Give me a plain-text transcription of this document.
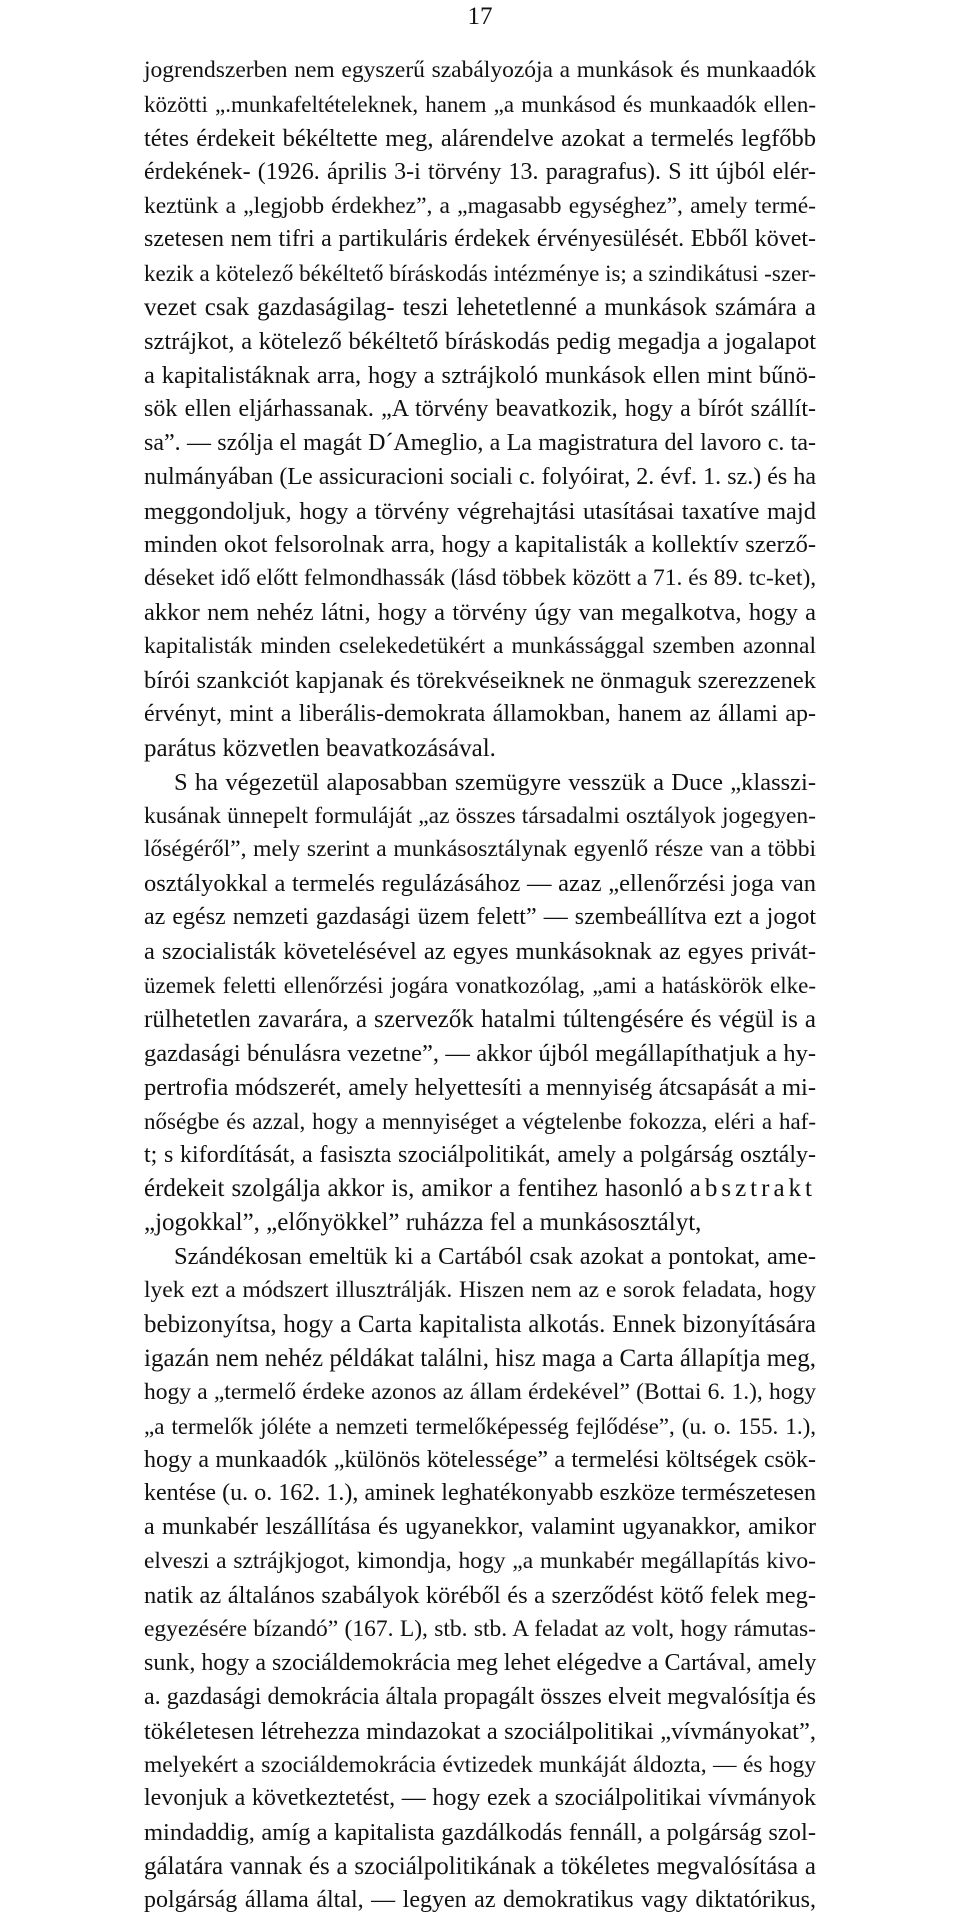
17
jogrendszerben nem egyszerű szabályozója a munkások és munkaadók
közötti „.munkafeltételeknek, hanem „a munkásod és munkaadók ellen-
tétes érdekeit békéltette meg, alárendelve azokat a termelés legfőbb
érdekének- (1926. április 3-i törvény 13. paragrafus). S itt újból elér-
keztünk a „legjobb érdekhez”, a „magasabb egységhez”, amely termé-
szetesen nem tifri a partikuláris érdekek érvényesülését. Ebből követ-
kezik a kötelező békéltető bíráskodás intézménye is; a szindikátusi -szer-
vezet csak gazdaságilag- teszi lehetetlenné a munkások számára a
sztrájkot, a kötelező békéltető bíráskodás pedig megadja a jogalapot
a kapitalistáknak arra, hogy a sztrájkoló munkások ellen mint bűnö-
sök ellen eljárhassanak. „A törvény beavatkozik, hogy a bírót szállít-
sa”. — szólja el magát D´Ameglio, a La magistratura del lavoro c. ta-
nulmányában (Le assicuracioni sociali c. folyóirat, 2. évf. 1. sz.) és ha
meggondoljuk, hogy a törvény végrehajtási utasításai taxatíve majd
minden okot felsorolnak arra, hogy a kapitalisták a kollektív szerző-
déseket idő előtt felmondhassák (lásd többek között a 71. és 89. tc-ket),
akkor nem nehéz látni, hogy a törvény úgy van megalkotva, hogy a
kapitalisták minden cselekedetükért a munkássággal szemben azonnal
bírói szankciót kapjanak és törekvéseiknek ne önmaguk szerezzenek
érvényt, mint a liberális-demokrata államokban, hanem az állami ap-
parátus közvetlen beavatkozásával.
S ha végezetül alaposabban szemügyre vesszük a Duce „klasszi-
kusának ünnepelt formuláját „az összes társadalmi osztályok jogegyen-
lőségéről”, mely szerint a munkásosztálynak egyenlő része van a többi
osztályokkal a termelés regulázásához — azaz „ellenőrzési joga van
az egész nemzeti gazdasági üzem felett” — szembeállítva ezt a jogot
a szocialisták követelésével az egyes munkásoknak az egyes privát-
üzemek feletti ellenőrzési jogára vonatkozólag, „ami a hatáskörök elke-
rülhetetlen zavarára, a szervezők hatalmi túltengésére és végül is a
gazdasági bénulásra vezetne”, — akkor újból megállapíthatjuk a hy-
pertrofia módszerét, amely helyettesíti a mennyiség átcsapását a mi-
nőségbe és azzal, hogy a mennyiséget a végtelenbe fokozza, eléri a haf-
t; s kifordítását, a fasiszta szociálpolitikát, amely a polgárság osztály-
érdekeit szolgálja akkor is, amikor a fentihez hasonló absztrakt
„jogokkal”, „előnyökkel” ruházza fel a munkásosztályt,
Szándékosan emeltük ki a Cartából csak azokat a pontokat, ame-
lyek ezt a módszert illusztrálják. Hiszen nem az e sorok feladata, hogy
bebizonyítsa, hogy a Carta kapitalista alkotás. Ennek bizonyítására
igazán nem nehéz példákat találni, hisz maga a Carta állapítja meg,
hogy a „termelő érdeke azonos az állam érdekével” (Bottai 6. 1.), hogy
„a termelők jóléte a nemzeti termelőképesség fejlődése”, (u. o. 155. 1.),
hogy a munkaadók „különös kötelessége” a termelési költségek csök-
kentése (u. o. 162. 1.), aminek leghatékonyabb eszköze természetesen
a munkabér leszállítása és ugyanekkor, valamint ugyanakkor, amikor
elveszi a sztrájkjogot, kimondja, hogy „a munkabér megállapítás kivo-
natik az általános szabályok köréből és a szerződést kötő felek meg-
egyezésére bízandó” (167. L), stb. stb. A feladat az volt, hogy rámutas-
sunk, hogy a szociáldemokrácia meg lehet elégedve a Cartával, amely
a. gazdasági demokrácia általa propagált összes elveit megvalósítja és
tökéletesen létrehezza mindazokat a szociálpolitikai „vívmányokat”,
melyekért a szociáldemokrácia évtizedek munkáját áldozta, — és hogy
levonjuk a következtetést, — hogy ezek a szociálpolitikai vívmányok
mindaddig, amíg a kapitalista gazdálkodás fennáll, a polgárság szol-
gálatára vannak és a szociálpolitikának a tökéletes megvalósítása a
polgárság állama által, — legyen az demokratikus vagy diktatórikus,
